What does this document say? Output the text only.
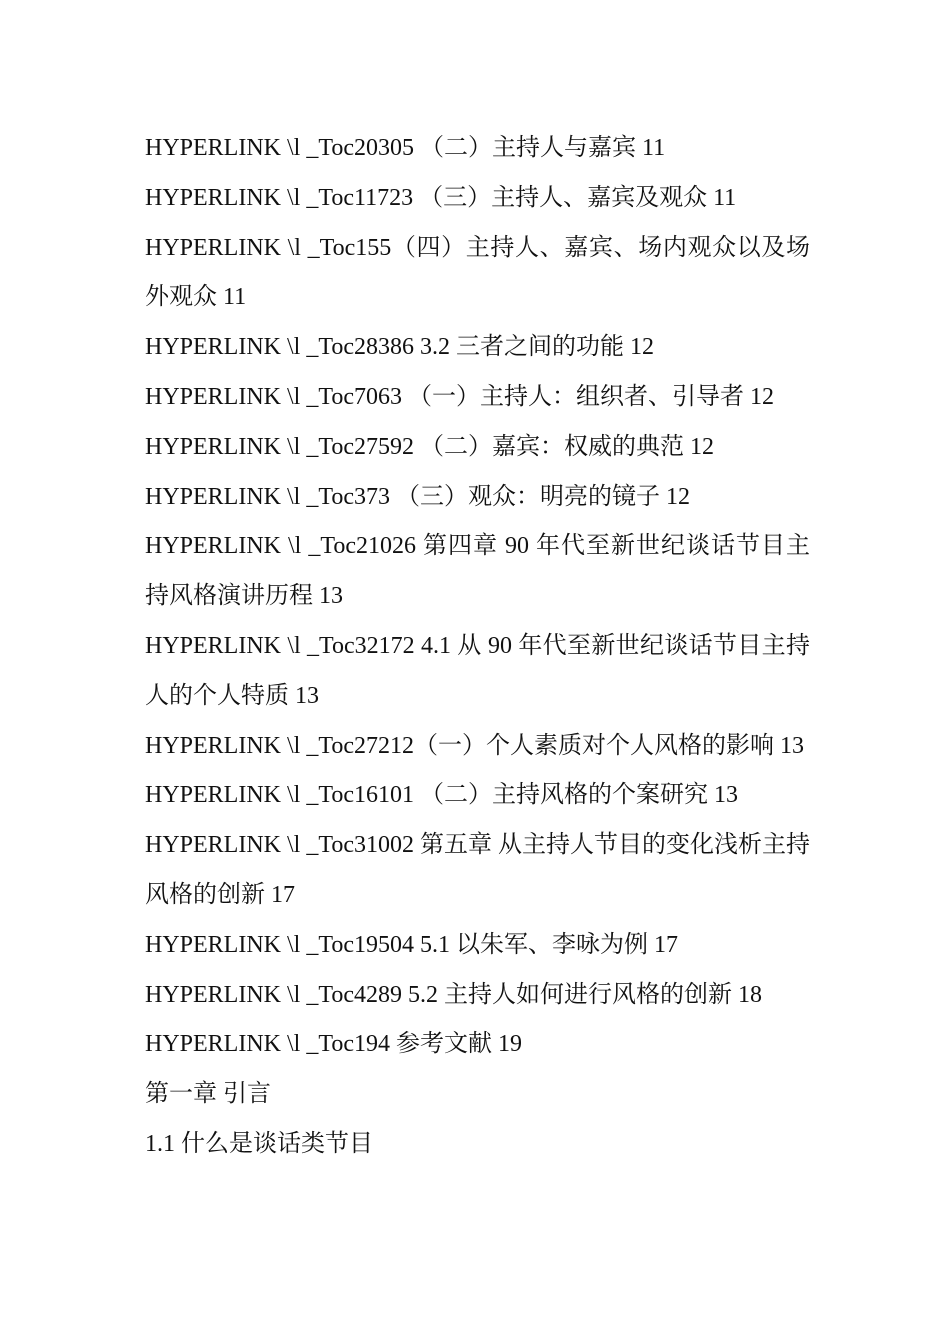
HYPERLINK \l _Toc20305 （二）主持人与嘉宾 11

HYPERLINK \l _Toc11723 （三）主持人、嘉宾及观众 11

HYPERLINK \l _Toc155（四）主持人、嘉宾、场内观众以及场外观众 11

HYPERLINK \l _Toc28386 3.2 三者之间的功能 12

HYPERLINK \l _Toc7063 （一）主持人：组织者、引导者 12

HYPERLINK \l _Toc27592 （二）嘉宾：权威的典范 12

HYPERLINK \l _Toc373 （三）观众：明亮的镜子 12

HYPERLINK \l _Toc21026 第四章 90 年代至新世纪谈话节目主持风格演讲历程 13

HYPERLINK \l _Toc32172 4.1 从 90 年代至新世纪谈话节目主持人的个人特质 13

HYPERLINK \l _Toc27212（一）个人素质对个人风格的影响 13

HYPERLINK \l _Toc16101 （二）主持风格的个案研究 13

HYPERLINK \l _Toc31002 第五章 从主持人节目的变化浅析主持风格的创新 17

HYPERLINK \l _Toc19504 5.1 以朱军、李咏为例 17

HYPERLINK \l _Toc4289 5.2 主持人如何进行风格的创新 18

HYPERLINK \l _Toc194 参考文献 19

第一章 引言

1.1 什么是谈话类节目
